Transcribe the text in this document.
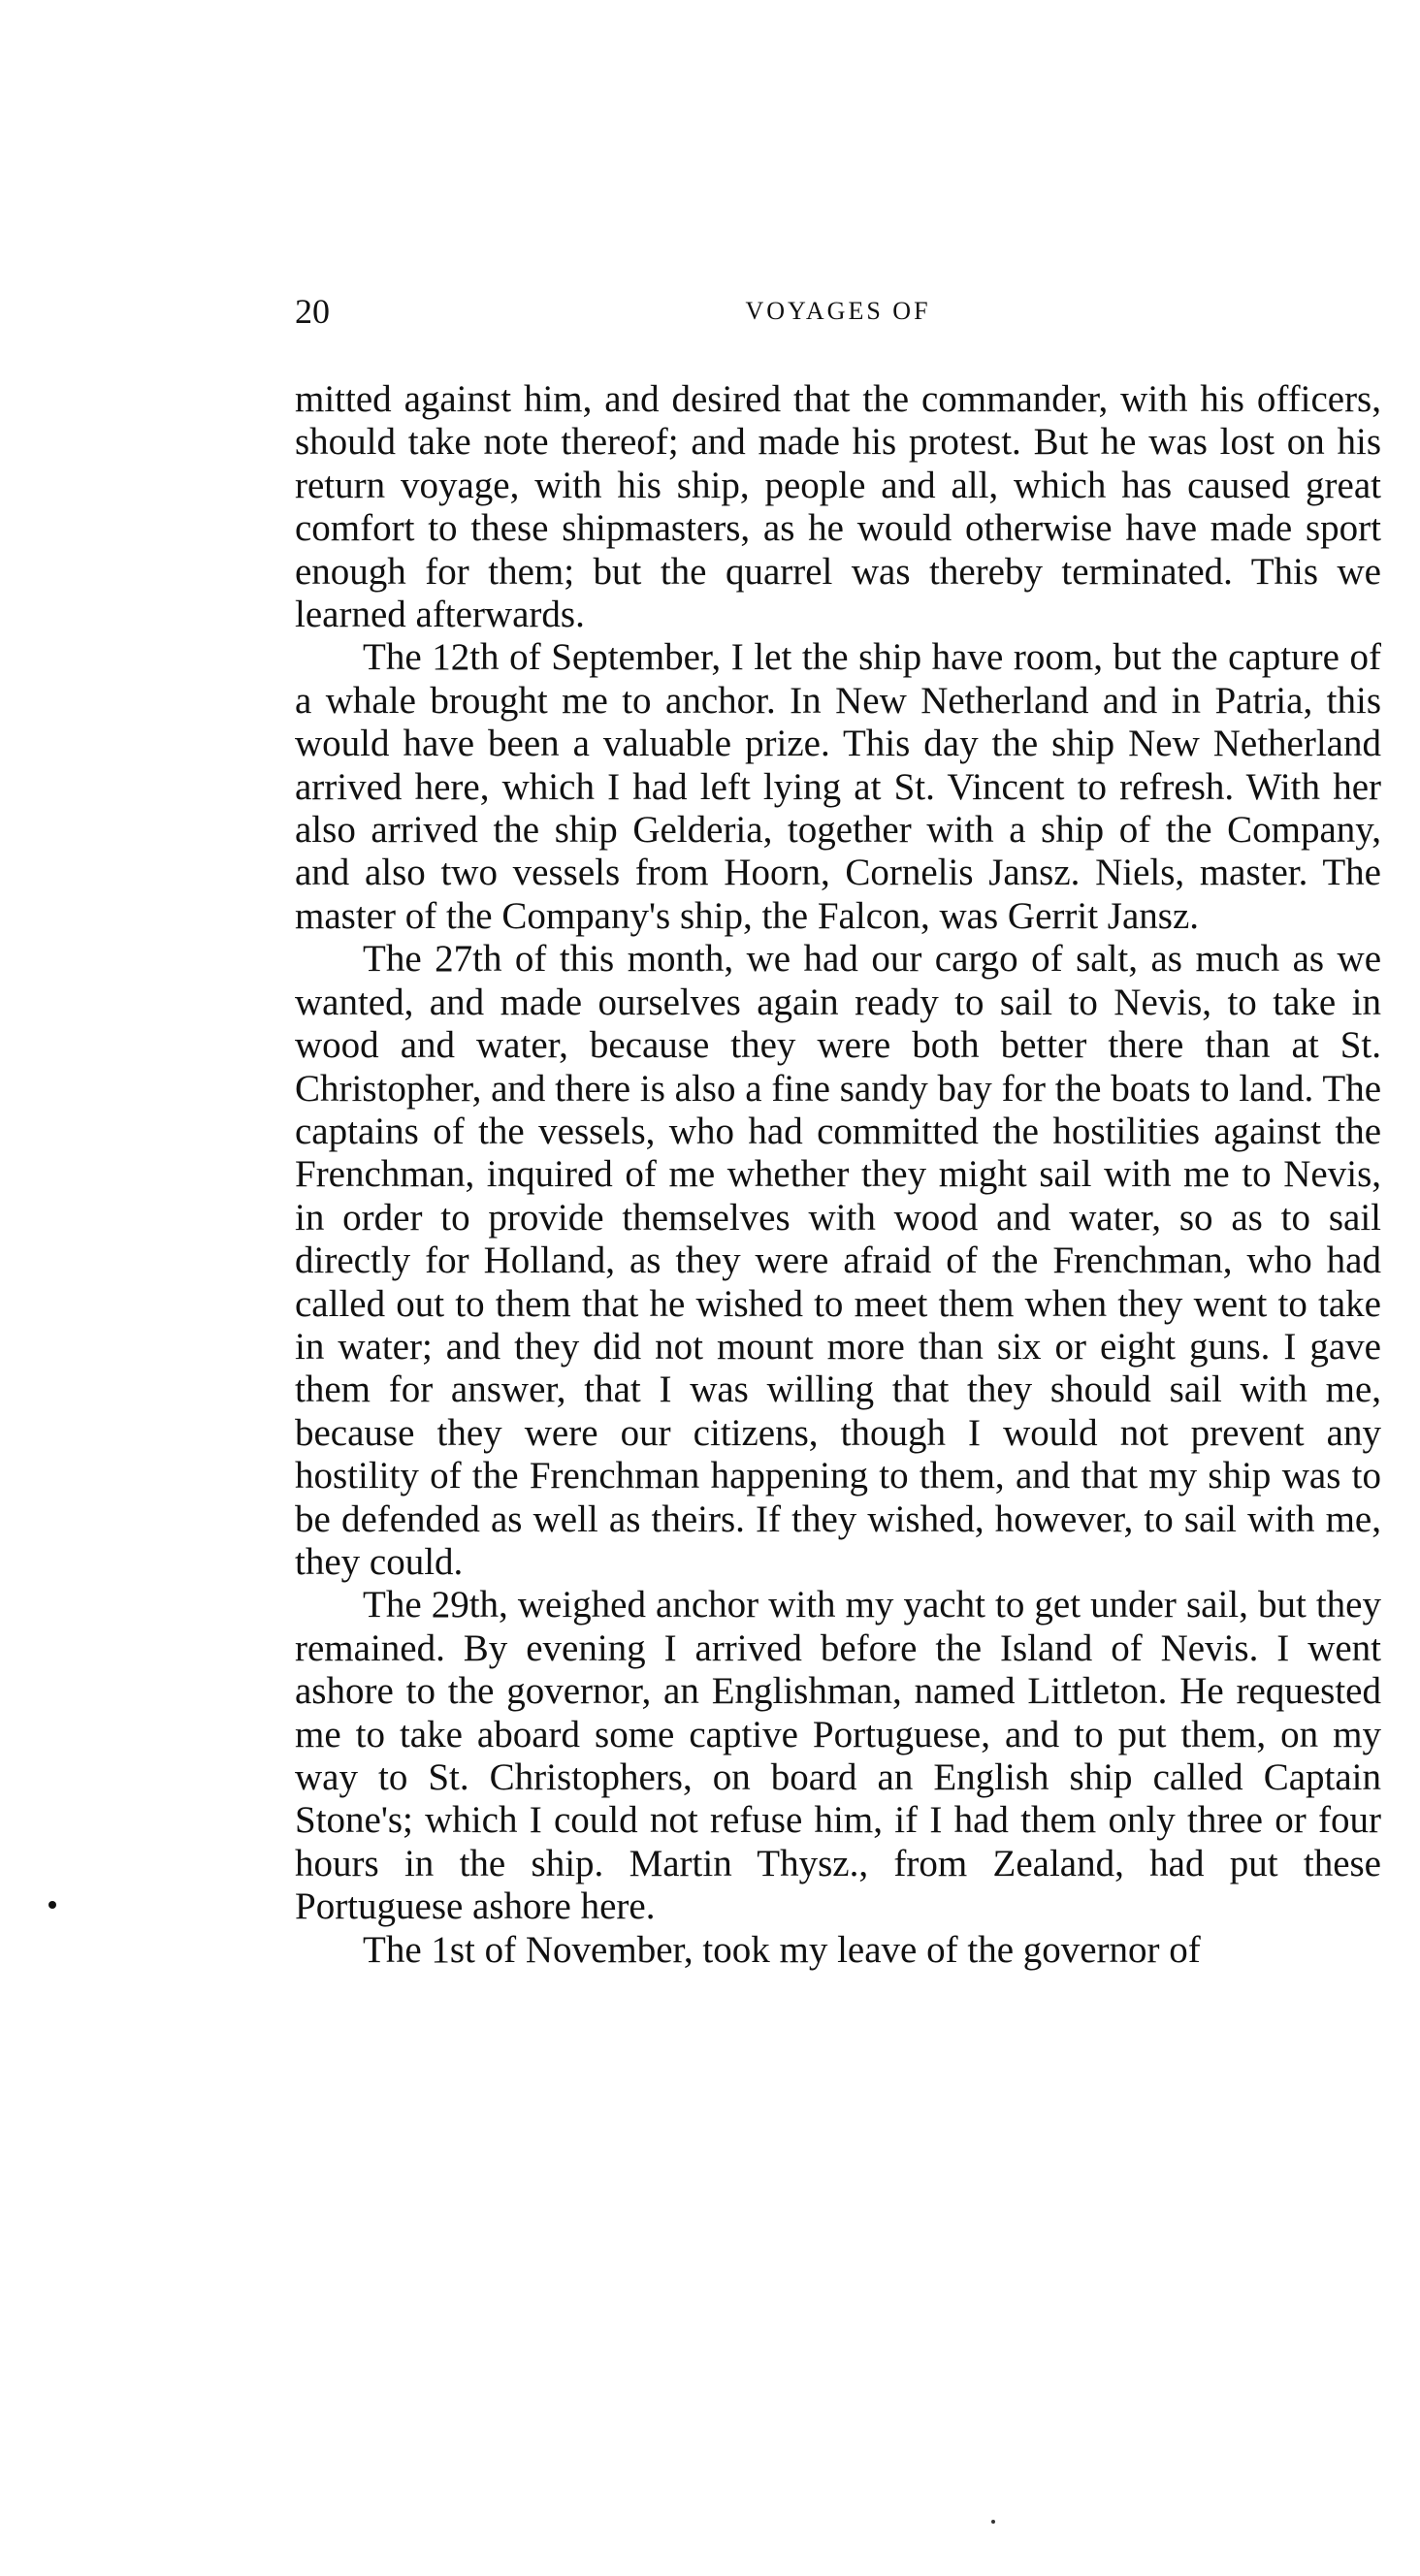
20	VOYAGES OF

mitted against him, and desired that the commander, with his officers, should take note thereof; and made his protest. But he was lost on his return voyage, with his ship, people and all, which has caused great comfort to these shipmasters, as he would otherwise have made sport enough for them; but the quarrel was thereby terminated. This we learned afterwards.

The 12th of September, I let the ship have room, but the capture of a whale brought me to anchor. In New Netherland and in Patria, this would have been a valuable prize. This day the ship New Netherland arrived here, which I had left lying at St. Vincent to refresh. With her also arrived the ship Gelderia, together with a ship of the Company, and also two vessels from Hoorn, Cornelis Jansz. Niels, master. The master of the Company's ship, the Falcon, was Gerrit Jansz.

The 27th of this month, we had our cargo of salt, as much as we wanted, and made ourselves again ready to sail to Nevis, to take in wood and water, because they were both better there than at St. Christopher, and there is also a fine sandy bay for the boats to land. The captains of the vessels, who had committed the hostilities against the Frenchman, inquired of me whether they might sail with me to Nevis, in order to provide themselves with wood and water, so as to sail directly for Holland, as they were afraid of the Frenchman, who had called out to them that he wished to meet them when they went to take in water; and they did not mount more than six or eight guns. I gave them for answer, that I was willing that they should sail with me, because they were our citizens, though I would not prevent any hostility of the Frenchman happening to them, and that my ship was to be defended as well as theirs. If they wished, however, to sail with me, they could.

The 29th, weighed anchor with my yacht to get under sail, but they remained. By evening I arrived before the Island of Nevis. I went ashore to the governor, an Englishman, named Littleton. He requested me to take aboard some captive Portuguese, and to put them, on my way to St. Christophers, on board an English ship called Captain Stone's; which I could not refuse him, if I had them only three or four hours in the ship. Martin Thysz., from Zealand, had put these Portuguese ashore here.

The 1st of November, took my leave of the governor of
